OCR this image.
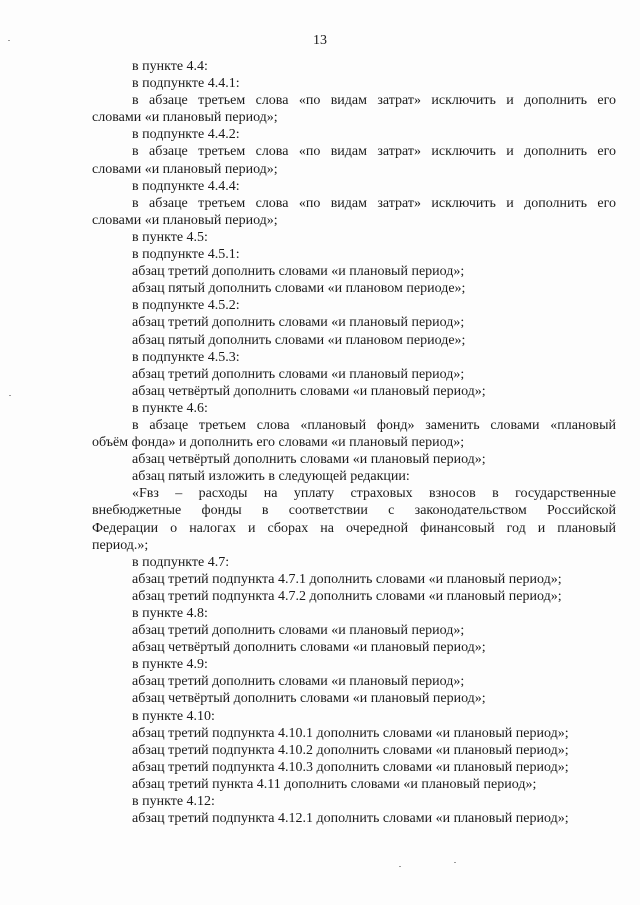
13
в пункте 4.4:
в подпункте 4.4.1:
в абзаце третьем слова «по видам затрат» исключить и дополнить его
словами «и плановый период»;
в подпункте 4.4.2:
в абзаце третьем слова «по видам затрат» исключить и дополнить его
словами «и плановый период»;
в подпункте 4.4.4:
в абзаце третьем слова «по видам затрат» исключить и дополнить его
словами «и плановый период»;
в пункте 4.5:
в подпункте 4.5.1:
абзац третий дополнить словами «и плановый период»;
абзац пятый дополнить словами «и плановом периоде»;
в подпункте 4.5.2:
абзац третий дополнить словами «и плановый период»;
абзац пятый дополнить словами «и плановом периоде»;
в подпункте 4.5.3:
абзац третий дополнить словами «и плановый период»;
абзац четвёртый дополнить словами «и плановый период»;
в пункте 4.6:
в абзаце третьем слова «плановый фонд» заменить словами «плановый
объём фонда» и дополнить его словами «и плановый период»;
абзац четвёртый дополнить словами «и плановый период»;
абзац пятый изложить в следующей редакции:
«Fвз – расходы на уплату страховых взносов в государственные
внебюджетные фонды в соответствии с законодательством Российской
Федерации о налогах и сборах на очередной финансовый год и плановый
период.»;
в подпункте 4.7:
абзац третий подпункта 4.7.1 дополнить словами «и плановый период»;
абзац третий подпункта 4.7.2 дополнить словами «и плановый период»;
в пункте 4.8:
абзац третий дополнить словами «и плановый период»;
абзац четвёртый дополнить словами «и плановый период»;
в пункте 4.9:
абзац третий дополнить словами «и плановый период»;
абзац четвёртый дополнить словами «и плановый период»;
в пункте 4.10:
абзац третий подпункта 4.10.1 дополнить словами «и плановый период»;
абзац третий подпункта 4.10.2 дополнить словами «и плановый период»;
абзац третий подпункта 4.10.3 дополнить словами «и плановый период»;
абзац третий пункта 4.11 дополнить словами «и плановый период»;
в пункте 4.12:
абзац третий подпункта 4.12.1 дополнить словами «и плановый период»;
